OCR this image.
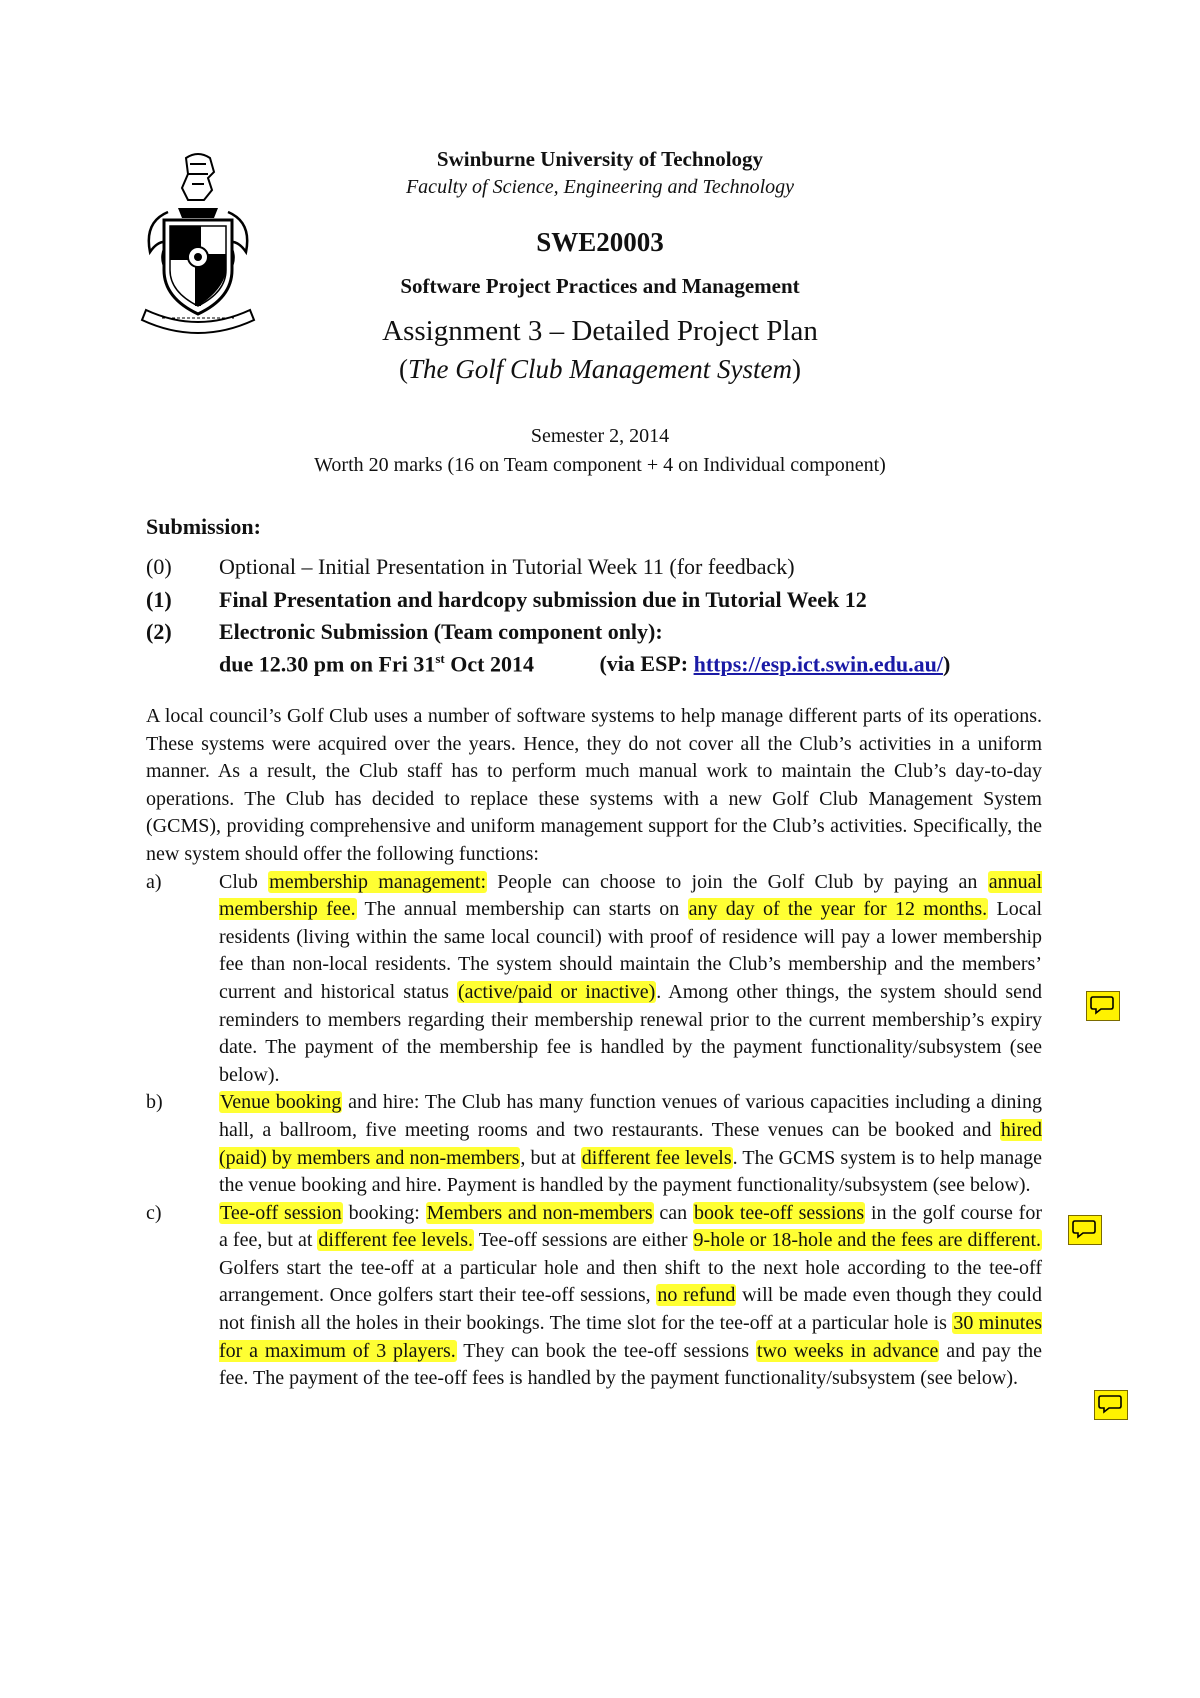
Swinburne University of Technology
Faculty of Science, Engineering and Technology
SWE20003
Software Project Practices and Management
Assignment 3 – Detailed Project Plan
(The Golf Club Management System)
Semester 2, 2014
Worth 20 marks (16 on Team component + 4 on Individual component)
Submission:
(0) Optional – Initial Presentation in Tutorial Week 11 (for feedback)
(1) Final Presentation and hardcopy submission due in Tutorial Week 12
(2) Electronic Submission (Team component only):
due 12.30 pm on Fri 31st Oct 2014	(via ESP: https://esp.ict.swin.edu.au/)

A local council’s Golf Club uses a number of software systems to help manage different parts of its operations. These systems were acquired over the years. Hence, they do not cover all the Club’s activities in a uniform manner. As a result, the Club staff has to perform much manual work to maintain the Club’s day-to-day operations. The Club has decided to replace these systems with a new Golf Club Management System (GCMS), providing comprehensive and uniform management support for the Club’s activities. Specifically, the new system should offer the following functions:

a)	Club membership management: People can choose to join the Golf Club by paying an annual membership fee. The annual membership can starts on any day of the year for 12 months. Local residents (living within the same local council) with proof of residence will pay a lower membership fee than non-local residents. The system should maintain the Club’s membership and the members’ current and historical status (active/paid or inactive). Among other things, the system should send reminders to members regarding their membership renewal prior to the current membership’s expiry date. The payment of the membership fee is handled by the payment functionality/subsystem (see below).

b)	Venue booking and hire: The Club has many function venues of various capacities including a dining hall, a ballroom, five meeting rooms and two restaurants. These venues can be booked and hired (paid) by members and non-members, but at different fee levels. The GCMS system is to help manage the venue booking and hire. Payment is handled by the payment functionality/subsystem (see below).

c)	Tee-off session booking: Members and non-members can book tee-off sessions in the golf course for a fee, but at different fee levels. Tee-off sessions are either 9-hole or 18-hole and the fees are different. Golfers start the tee-off at a particular hole and then shift to the next hole according to the tee-off arrangement. Once golfers start their tee-off sessions, no refund will be made even though they could not finish all the holes in their bookings. The time slot for the tee-off at a particular hole is 30 minutes for a maximum of 3 players. They can book the tee-off sessions two weeks in advance and pay the fee. The payment of the tee-off fees is handled by the payment functionality/subsystem (see below).
